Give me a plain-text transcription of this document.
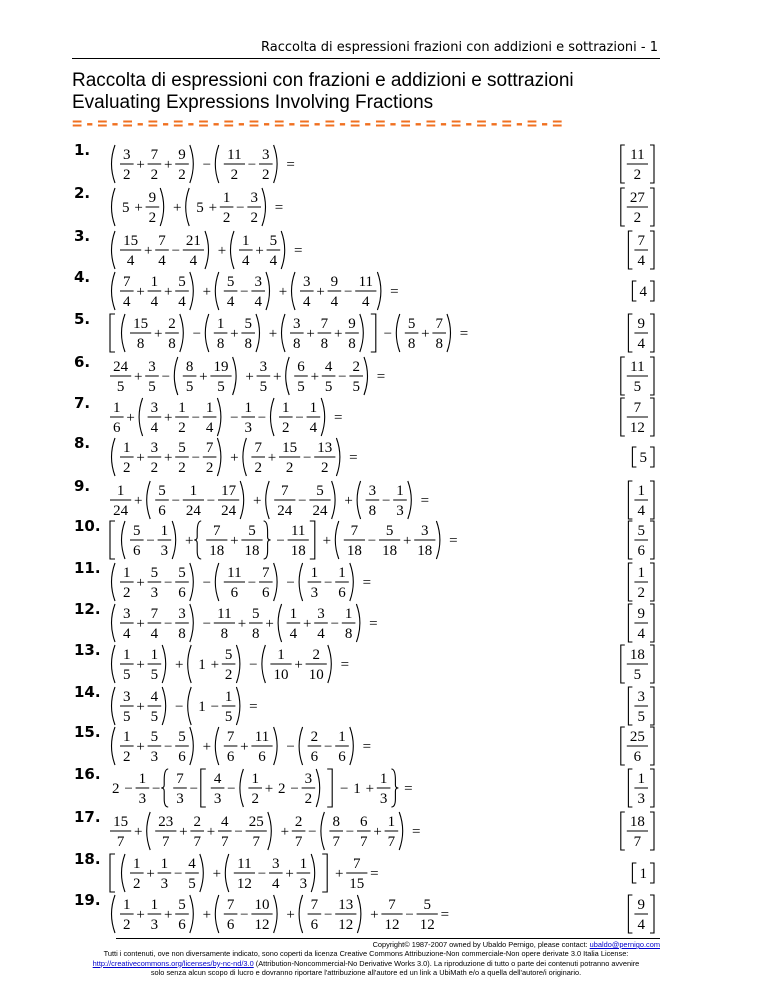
Raccolta di espressioni frazioni con addizioni e sottrazioni - 1
Raccolta di espressioni con frazioni e addizioni e sottrazioni
Evaluating Expressions Involving Fractions
=-=-=-=-=-=-=-=-=-=-=-=-=-=-=-=-=-=-=-=
1. 3
2
+
7
2
+
9
2
−
11
2
−
3
2
=
11
2
2.
5 +
9
2
+ 5 +
1
2
−
3
2
=
27
2
3. 15
4
+
7
4
−
21
4
+
1
4
+
5
4
=
7
4
4. 7
4
+
1
4
+
5
4
+
5
4
−
3
4
+
3
4
+
9
4
−
11
4
=	4
5.	15
8
+
2
8
−
1
8
+
5
8
+
3
8
+
7
8
+
9
8
−
5
8
+
7
8
=
9
4
6. 24
5
+
3
5
−
8
5
+
19
5
+
3
5
+
6
5
+
4
5
−
2
5
=
11
5
7. 1
6
+
3
4
+
1
2
−
1
4
−
1
3
−
1
2
−
1
4
=
7
12
8. 1
2
+
3
2
+
5
2
−
7
2
+
7
2
+
15
2
−
13
2
=	5
9. 1
24
+
5
6
−
1
24
−
17
24
+
7
24
−
5
24
+
3
8
−
1
3
=
1
4
10. 5
6
−
1
3
+
7
18
+
5
18
−
11
18
+
7
18
−
5
18
+
3
18
=
5
6
11. 1
2
+
5
3
−
5
6
−
11
6
−
7
6
−
1
3
−
1
6
=
1
2
12. 3
4
+
7
4
−
3
8
−
11
8
+
5
8
+
1
4
+
3
4
−
1
8
=
9
4
13. 1
5
+
1
5
+ 1 +
5
2
−
1
10
+
2
10
=
18
5
14. 3
5
+
4
5
− 1 −
1
5
=
3
5
15. 1
2
+
5
3
−
5
6
+
7
6
+
11
6
−
2
6
−
1
6
=
25
6
16.
2 −
1
3
−
7
3
−
4
3
−
1
2
+ 2 −
3
2
− 1 +
1
3
=
1
3
17. 15
7
+
23
7
+
2
7
+
4
7
−
25
7
+
2
7
−
8
7
−
6
7
+
1
7
=
18
7
18. 1
2
+
1
3
−
4
5
+
11
12
−
3
4
+
1
3
+
7
15
=	1
19. 1
2
+
1
3
+
5
6
+
7
6
−
10
12
+
7
6
−
13
12
+
7
12
−
5
12
=
9
4
Copyright© 1987-2007 owned by Ubaldo Pernigo, please contact: ubaldo@pernigo.com
Tutti i contenuti, ove non diversamente indicato, sono coperti da licenza Creative Commons Attribuzione-Non commerciale-Non opere derivate 3.0 Italia License:
http://creativecommons.org/licenses/by-nc-nd/3.0 (Attribution-Noncommercial-No Derivative Works 3.0). La riproduzione di tutto o parte dei contenuti potranno avvenire
solo senza alcun scopo di lucro e dovranno riportare l'attribuzione all'autore ed un link a UbiMath e/o a quella dell'autore/i originario.
